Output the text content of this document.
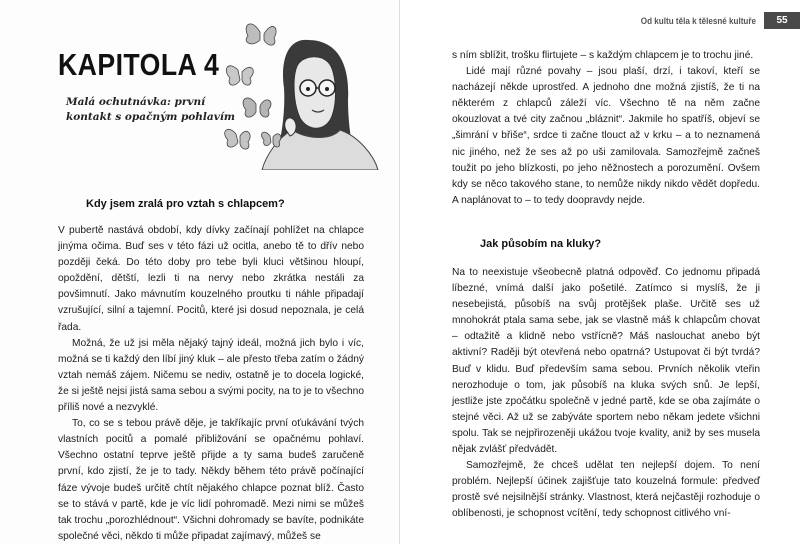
KAPITOLA 4
Malá ochutnávka: první kontakt s opačným pohlavím
Kdy jsem zralá pro vztah s chlapcem?

V pubertě nastává období, kdy dívky začínají pohlížet na chlapce jinýma očima. Buď ses v této fázi už ocitla, anebo tě to dřív nebo později čeká. Do této doby pro tebe byli kluci většinou hloupí, opoždění, dětští, lezli ti na nervy nebo zkrátka nestáli za povšimnutí. Jako mávnutím kouzelného proutku ti náhle připadají vzrušující, silní a tajemní. Pocitů, které jsi dosud nepoznala, je celá řada.

Možná, že už jsi měla nějaký tajný ideál, možná jich bylo i víc, možná se ti každý den líbí jiný kluk – ale přesto třeba zatím o žádný vztah nemáš zájem. Ničemu se nediv, ostatně je to docela logické, že si ještě nejsi jistá sama sebou a svými pocity, na to je to všechno příliš nové a nezvyklé.

To, co se s tebou právě děje, je takříkajíc první oťukávání tvých vlastních pocitů a pomalé přibližování se opačnému pohlaví. Všechno ostatní teprve ještě přijde a ty sama budeš zaručeně první, kdo zjistí, že je to tady. Někdy během této právě počínající fáze vývoje budeš určitě chtít nějakého chlapce poznat blíž. Často se to stává v partě, kde je víc lidí pohromadě. Mezi nimi se můžeš tak trochu „porozhlédnout“. Všichni dohromady se bavíte, podnikáte společné věci, někdo ti může připadat zajímavý, můžeš se

Od kultu těla k tělesné kultuře	55

s ním sblížit, trošku flirtujete – s každým chlapcem je to trochu jiné.

Lidé mají různé povahy – jsou plaší, drzí, i takoví, kteří se nacházejí někde uprostřed. A jednoho dne možná zjistíš, že ti na některém z chlapců záleží víc. Všechno tě na něm začne okouzlovat a tvé city začnou „bláznit“. Jakmile ho spatříš, objeví se „šimrání v břiše“, srdce ti začne tlouct až v krku – a to neznamená nic jiného, než že ses až po uši zamilovala. Samozřejmě začneš toužit po jeho blízkosti, po jeho něžnostech a porozumění. Ovšem kdy se něco takového stane, to nemůže nikdy nikdo vědět dopředu. A naplánovat to – to tedy doopravdy nejde.

Jak působím na kluky?

Na to neexistuje všeobecně platná odpověď. Co jednomu připadá líbezné, vnímá další jako pošetilé. Zatímco si myslíš, že ji nesebejistá, působíš na svůj protějšek plaše. Určitě ses už mnohokrát ptala sama sebe, jak se vlastně máš k chlapcům chovat – odtažitě a klidně nebo vstřícně? Máš naslouchat anebo být aktivní? Raději být otevřená nebo opatrná? Ustupovat či být tvrdá? Buď v klidu. Buď především sama sebou. Prvních několik vteřin nerozhoduje o tom, jak působíš na kluka svých snů. Je lepší, jestliže jste zpočátku společně v jedné partě, kde se oba zajímáte o stejné věci. Až už se zabýváte sportem nebo někam jedete všichni spolu. Tak se nejpřirozeněji ukážou tvoje kvality, aniž by ses musela nějak zvlášť předvádět.

Samozřejmě, že chceš udělat ten nejlepší dojem. To není problém. Nejlepší účinek zajišťuje tato kouzelná formule: předveď prostě své nejsilnější stránky. Vlastnost, která nejčastěji rozhoduje o oblíbenosti, je schopnost vcítění, tedy schopnost citlivého vní-
